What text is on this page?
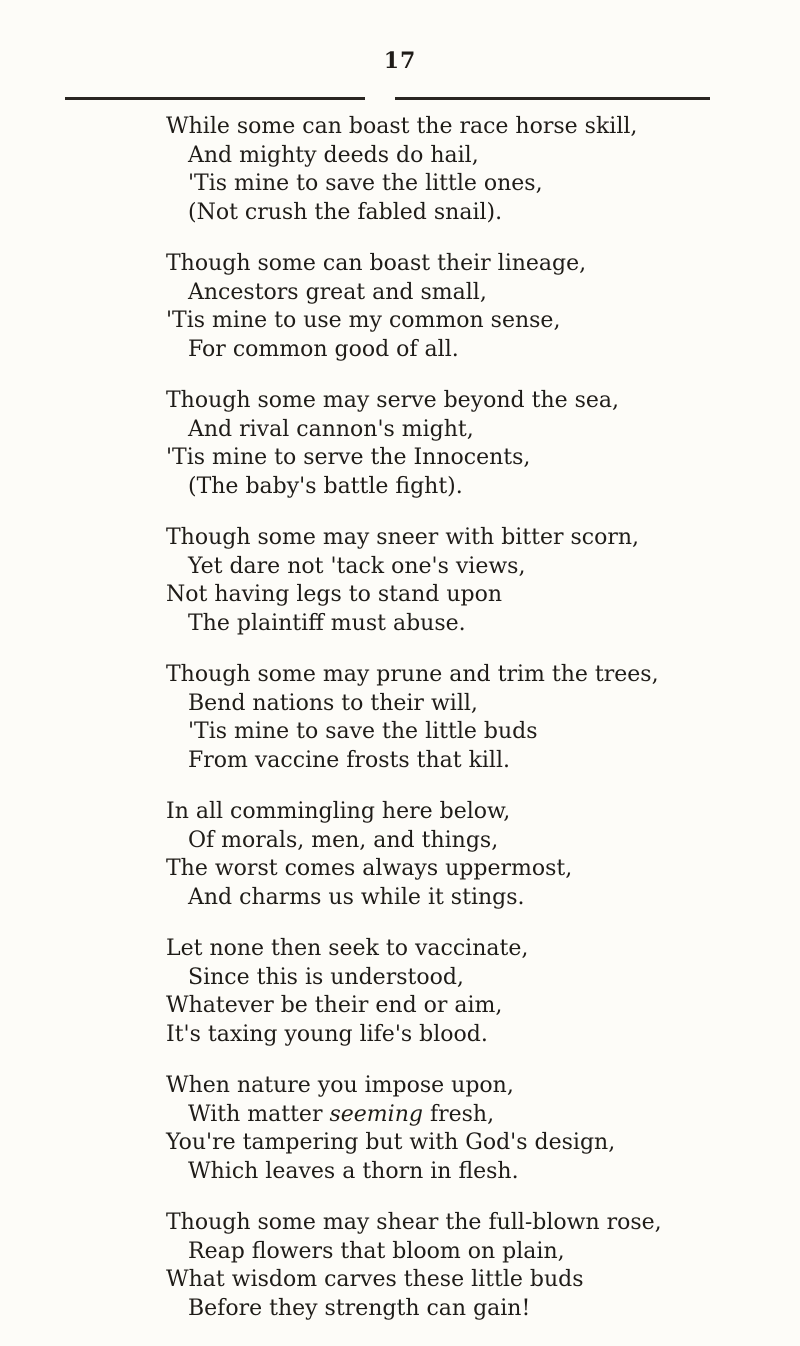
17
While some can boast the race horse skill,
And mighty deeds do hail,
'Tis mine to save the little ones,
(Not crush the fabled snail).
Though some can boast their lineage,
Ancestors great and small,
'Tis mine to use my common sense,
For common good of all.
Though some may serve beyond the sea,
And rival cannon's might,
'Tis mine to serve the Innocents,
(The baby's battle fight).
Though some may sneer with bitter scorn,
Yet dare not 'tack one's views,
Not having legs to stand upon
The plaintiff must abuse.
Though some may prune and trim the trees,
Bend nations to their will,
'Tis mine to save the little buds
From vaccine frosts that kill.
In all commingling here below,
Of morals, men, and things,
The worst comes always uppermost,
And charms us while it stings.
Let none then seek to vaccinate,
Since this is understood,
Whatever be their end or aim,
It's taxing young life's blood.
When nature you impose upon,
With matter seeming fresh,
You're tampering but with God's design,
Which leaves a thorn in flesh.
Though some may shear the full-blown rose,
Reap flowers that bloom on plain,
What wisdom carves these little buds
Before they strength can gain!
